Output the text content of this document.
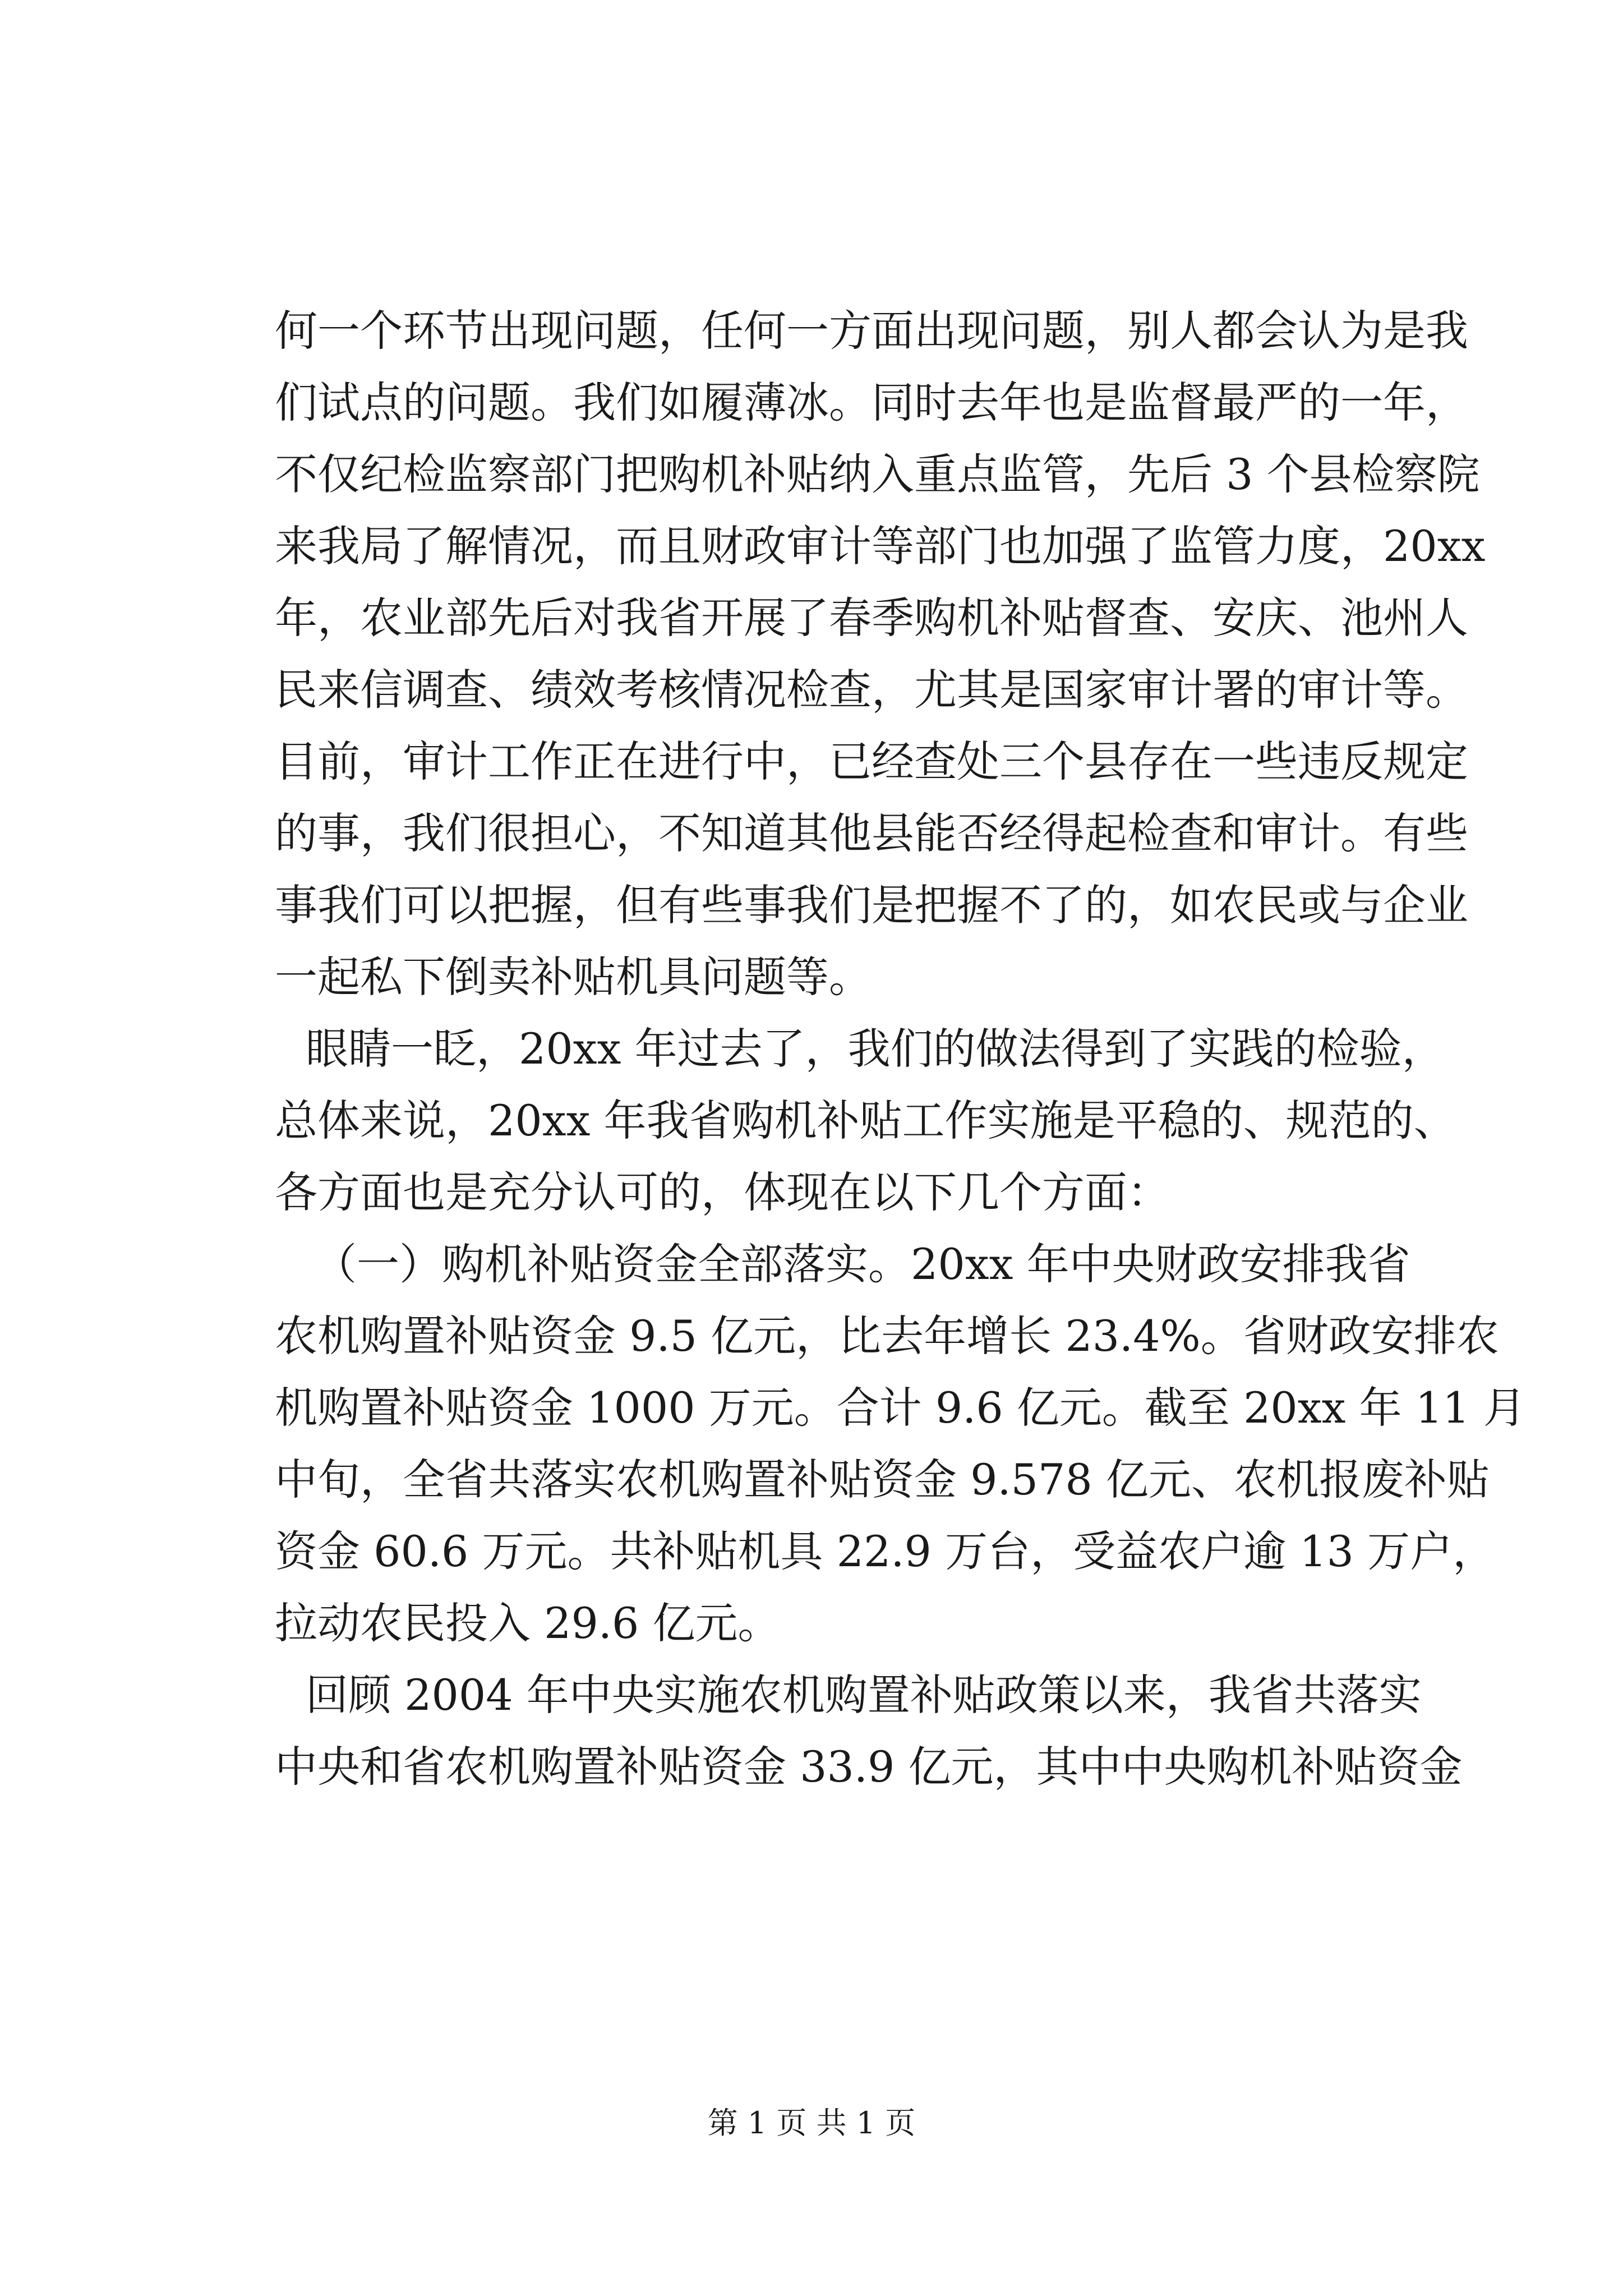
何一个环节出现问题，任何一方面出现问题，别人都会认为是我
们试点的问题。我们如履薄冰。同时去年也是监督最严的一年，
不仅纪检监察部门把购机补贴纳入重点监管，先后 3 个县检察院
来我局了解情况，而且财政审计等部门也加强了监管力度，20xx
年，农业部先后对我省开展了春季购机补贴督查、安庆、池州人
民来信调查、绩效考核情况检查，尤其是国家审计署的审计等。
目前，审计工作正在进行中，已经查处三个县存在一些违反规定
的事，我们很担心，不知道其他县能否经得起检查和审计。有些
事我们可以把握，但有些事我们是把握不了的，如农民或与企业
一起私下倒卖补贴机具问题等。
眼睛一眨，20xx 年过去了，我们的做法得到了实践的检验，
总体来说，20xx 年我省购机补贴工作实施是平稳的、规范的、
各方面也是充分认可的，体现在以下几个方面：
（一）购机补贴资金全部落实。20xx 年中央财政安排我省
农机购置补贴资金 9.5 亿元，比去年增长 23.4%。省财政安排农
机购置补贴资金 1000 万元。合计 9.6 亿元。截至 20xx 年 11 月
中旬，全省共落实农机购置补贴资金 9.578 亿元、农机报废补贴
资金 60.6 万元。共补贴机具 22.9 万台，受益农户逾 13 万户，
拉动农民投入 29.6 亿元。
回顾 2004 年中央实施农机购置补贴政策以来，我省共落实
中央和省农机购置补贴资金 33.9 亿元，其中中央购机补贴资金
第 1 页 共 1 页
